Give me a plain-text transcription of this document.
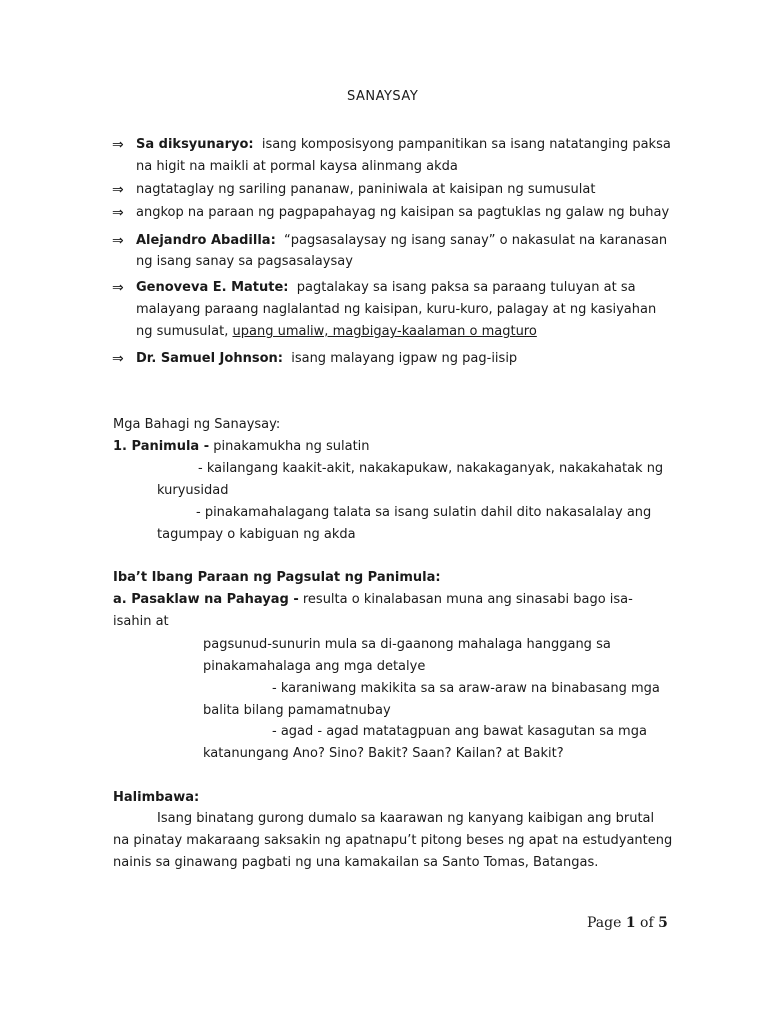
SANAYSAY
⇒ Sa diksyunaryo: isang komposisyong pampanitikan sa isang natatanging paksa
na higit na maikli at pormal kaysa alinmang akda
⇒ nagtataglay ng sariling pananaw, paniniwala at kaisipan ng sumusulat
⇒ angkop na paraan ng pagpapahayag ng kaisipan sa pagtuklas ng galaw ng buhay
⇒ Alejandro Abadilla: “pagsasalaysay ng isang sanay” o nakasulat na karanasan
ng isang sanay sa pagsasalaysay
⇒ Genoveva E. Matute: pagtalakay sa isang paksa sa paraang tuluyan at sa
malayang paraang naglalantad ng kaisipan, kuru-kuro, palagay at ng kasiyahan
ng sumusulat, upang umaliw, magbigay-kaalaman o magturo
⇒ Dr. Samuel Johnson: isang malayang igpaw ng pag-iisip
Mga Bahagi ng Sanaysay:
1. Panimula - pinakamukha ng sulatin
- kailangang kaakit-akit, nakakapukaw, nakakaganyak, nakakahatak ng
kuryusidad
- pinakamahalagang talata sa isang sulatin dahil dito nakasalalay ang
tagumpay o kabiguan ng akda
Iba’t Ibang Paraan ng Pagsulat ng Panimula:
a. Pasaklaw na Pahayag - resulta o kinalabasan muna ang sinasabi bago isa-
isahin at
pagsunud-sunurin mula sa di-gaanong mahalaga hanggang sa
pinakamahalaga ang mga detalye
- karaniwang makikita sa sa araw-araw na binabasang mga
balita bilang pamamatnubay
- agad - agad matatagpuan ang bawat kasagutan sa mga
katanungang Ano? Sino? Bakit? Saan? Kailan? at Bakit?
Halimbawa:
Isang binatang gurong dumalo sa kaarawan ng kanyang kaibigan ang brutal
na pinatay makaraang saksakin ng apatnapu’t pitong beses ng apat na estudyanteng
nainis sa ginawang pagbati ng una kamakailan sa Santo Tomas, Batangas.
Page 1 of 5
